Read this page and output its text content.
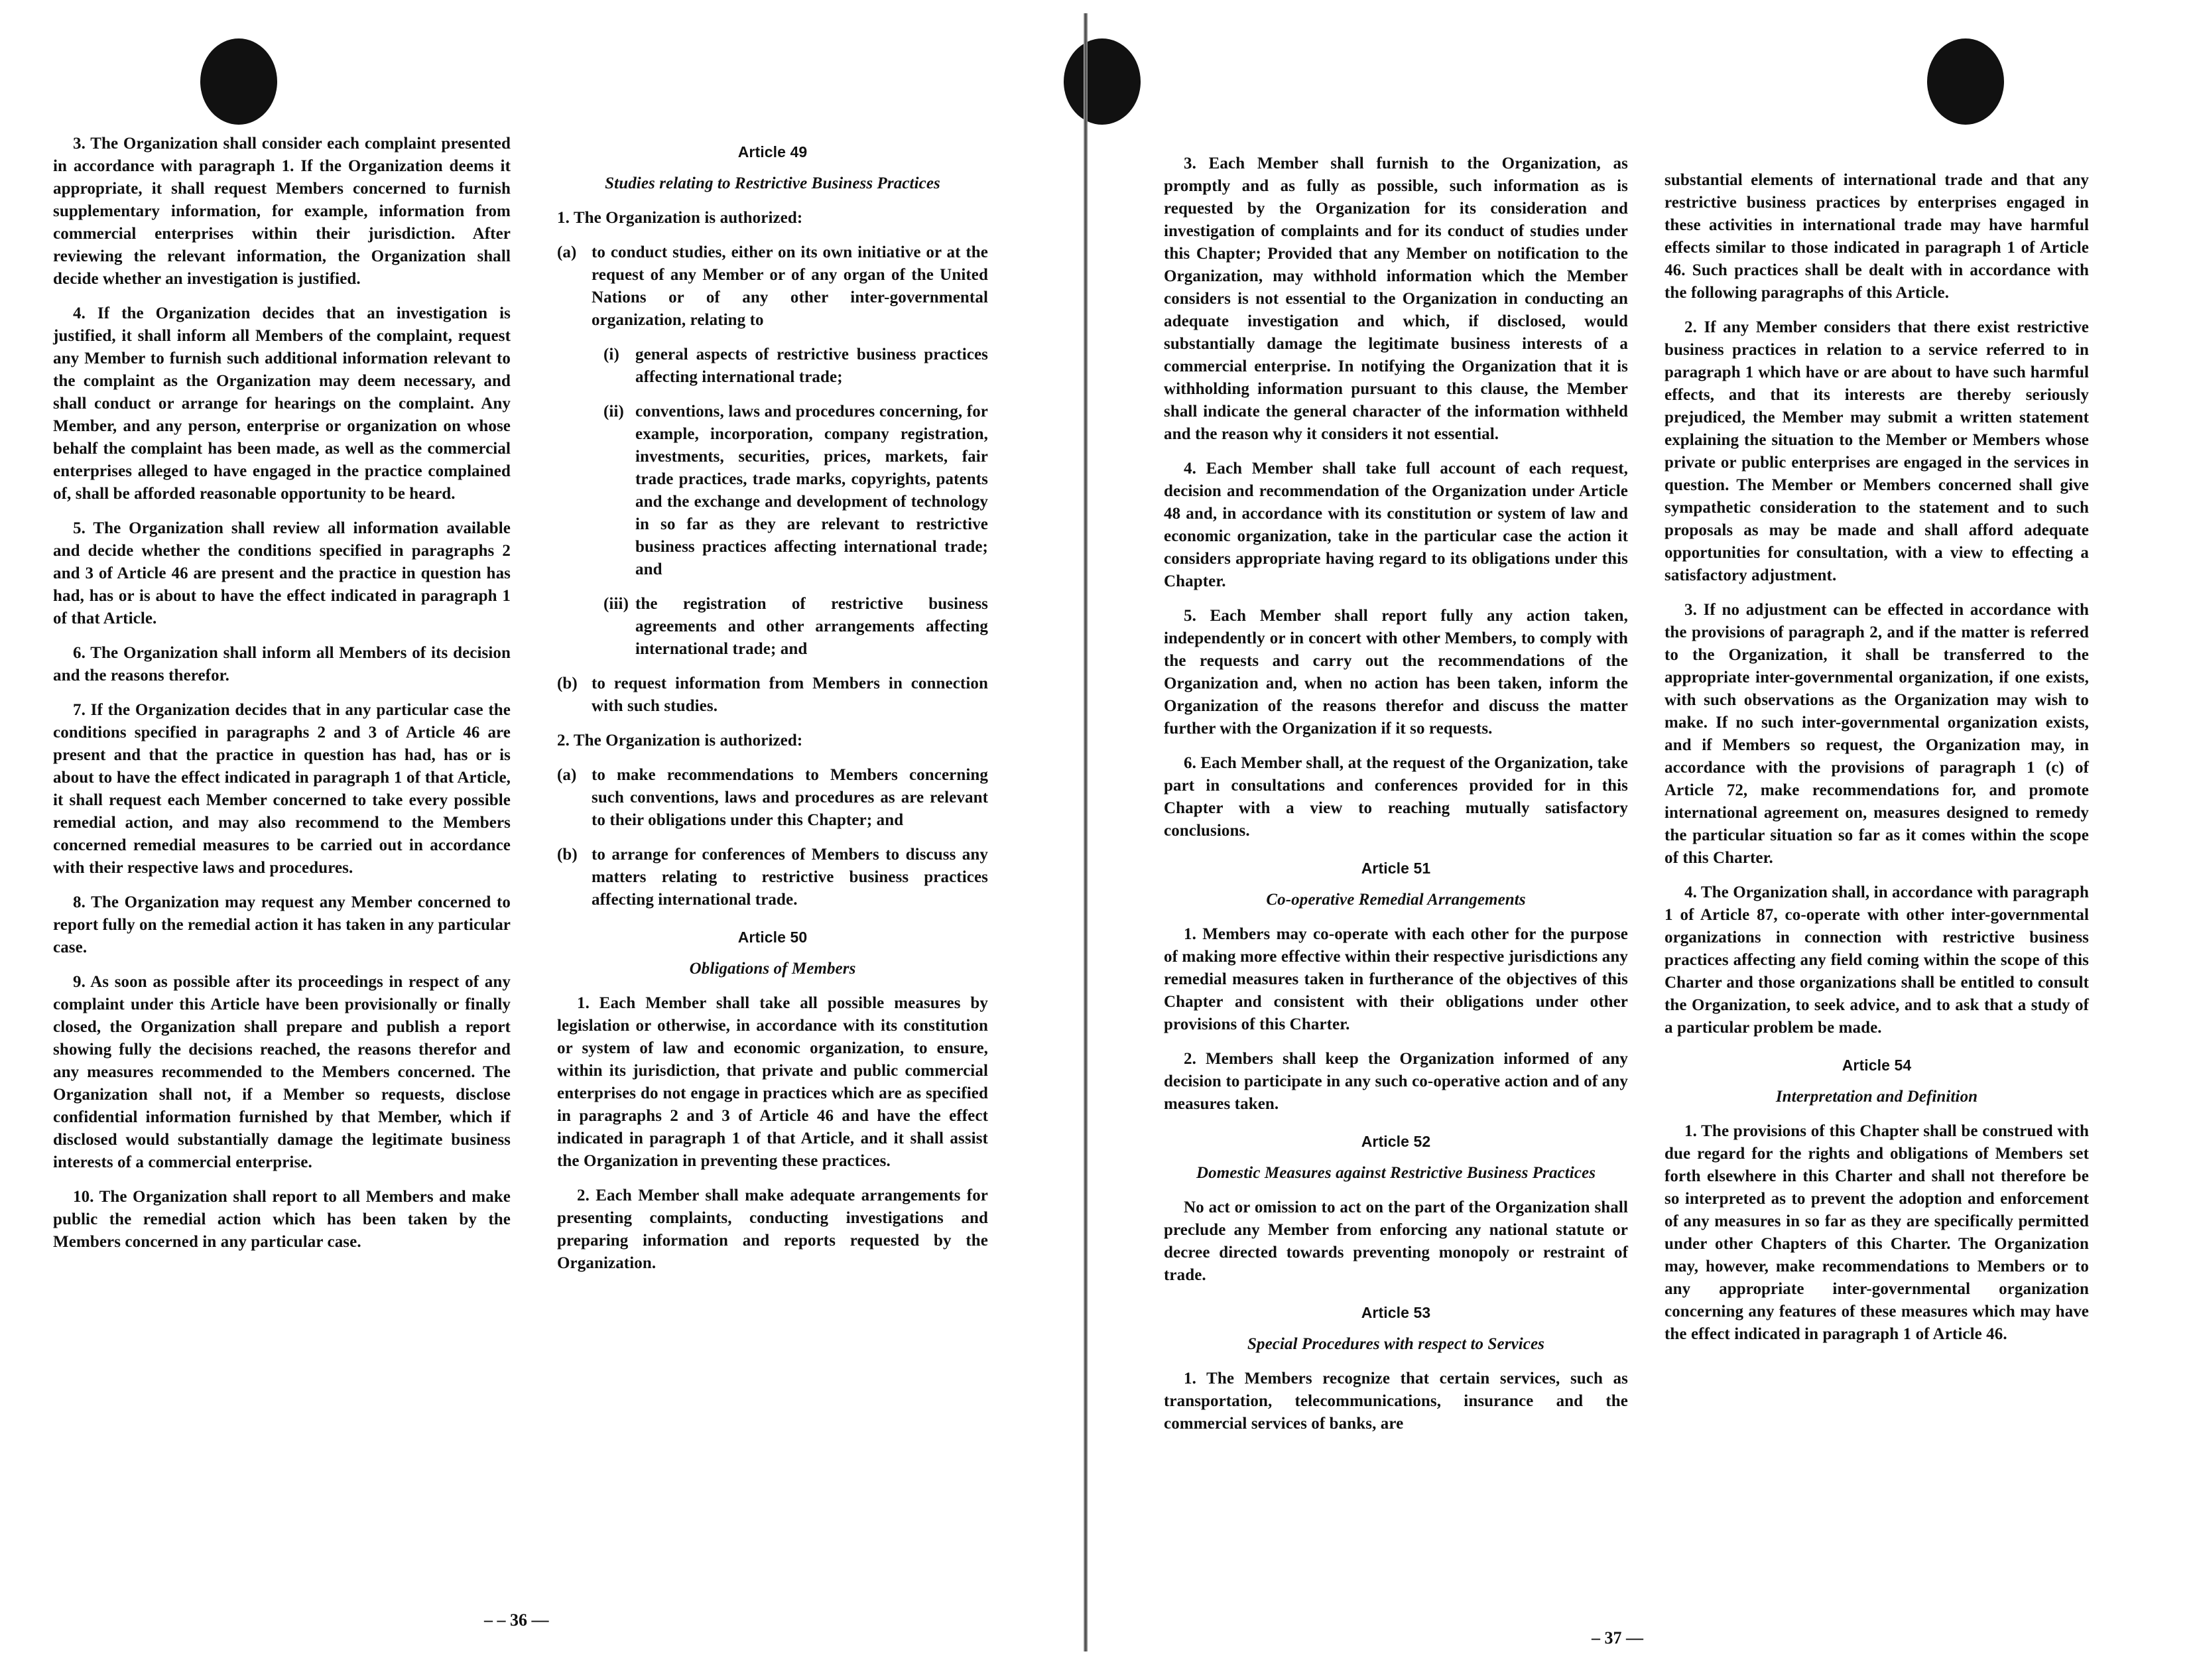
3. The Organization shall consider each complaint presented in accordance with paragraph 1. If the Organization deems it appropriate, it shall request Members concerned to furnish supplementary information, for example, information from commercial enterprises within their jurisdiction. After reviewing the relevant information, the Organization shall decide whether an investigation is justified.

4. If the Organization decides that an investigation is justified, it shall inform all Members of the complaint, request any Member to furnish such additional information relevant to the complaint as the Organization may deem necessary, and shall conduct or arrange for hearings on the complaint. Any Member, and any person, enterprise or organization on whose behalf the complaint has been made, as well as the commercial enterprises alleged to have engaged in the practice complained of, shall be afforded reasonable opportunity to be heard.

5. The Organization shall review all information available and decide whether the conditions specified in paragraphs 2 and 3 of Article 46 are present and the practice in question has had, has or is about to have the effect indicated in paragraph 1 of that Article.

6. The Organization shall inform all Members of its decision and the reasons therefor.

7. If the Organization decides that in any particular case the conditions specified in paragraphs 2 and 3 of Article 46 are present and that the practice in question has had, has or is about to have the effect indicated in paragraph 1 of that Article, it shall request each Member concerned to take every possible remedial action, and may also recommend to the Members concerned remedial measures to be carried out in accordance with their respective laws and procedures.

8. The Organization may request any Member concerned to report fully on the remedial action it has taken in any particular case.

9. As soon as possible after its proceedings in respect of any complaint under this Article have been provisionally or finally closed, the Organization shall prepare and publish a report showing fully the decisions reached, the reasons therefor and any measures recommended to the Members concerned. The Organization shall not, if a Member so requests, disclose confidential information furnished by that Member, which if disclosed would substantially damage the legitimate business interests of a commercial enterprise.

10. The Organization shall report to all Members and make public the remedial action which has been taken by the Members concerned in any particular case.

Article 49
Studies relating to Restrictive Business Practices

1. The Organization is authorized:

(a) to conduct studies, either on its own initiative or at the request of any Member or of any organ of the United Nations or of any other inter-governmental organization, relating to
(i) general aspects of restrictive business practices affecting international trade;
(ii) conventions, laws and procedures concerning, for example, incorporation, company registration, investments, securities, prices, markets, fair trade practices, trade marks, copyrights, patents and the exchange and development of technology in so far as they are relevant to restrictive business practices affecting international trade; and
(iii) the registration of restrictive business agreements and other arrangements affecting international trade; and
(b) to request information from Members in connection with such studies.

2. The Organization is authorized:

(a) to make recommendations to Members concerning such conventions, laws and procedures as are relevant to their obligations under this Chapter; and
(b) to arrange for conferences of Members to discuss any matters relating to restrictive business practices affecting international trade.
Article 50
Obligations of Members

1. Each Member shall take all possible measures by legislation or otherwise, in accordance with its constitution or system of law and economic organization, to ensure, within its jurisdiction, that private and public commercial enterprises do not engage in practices which are as specified in paragraphs 2 and 3 of Article 46 and have the effect indicated in paragraph 1 of that Article, and it shall assist the Organization in preventing these practices.

2. Each Member shall make adequate arrangements for presenting complaints, conducting investigations and preparing information and reports requested by the Organization.

– – 36 —

3. Each Member shall furnish to the Organization, as promptly and as fully as possible, such information as is requested by the Organization for its consideration and investigation of complaints and for its conduct of studies under this Chapter; Provided that any Member on notification to the Organization, may withhold information which the Member considers is not essential to the Organization in conducting an adequate investigation and which, if disclosed, would substantially damage the legitimate business interests of a commercial enterprise. In notifying the Organization that it is withholding information pursuant to this clause, the Member shall indicate the general character of the information withheld and the reason why it considers it not essential.

4. Each Member shall take full account of each request, decision and recommendation of the Organization under Article 48 and, in accordance with its constitution or system of law and economic organization, take in the particular case the action it considers appropriate having regard to its obligations under this Chapter.

5. Each Member shall report fully any action taken, independently or in concert with other Members, to comply with the requests and carry out the recommendations of the Organization and, when no action has been taken, inform the Organization of the reasons therefor and discuss the matter further with the Organization if it so requests.

6. Each Member shall, at the request of the Organization, take part in consultations and conferences provided for in this Chapter with a view to reaching mutually satisfactory conclusions.

Article 51
Co-operative Remedial Arrangements

1. Members may co-operate with each other for the purpose of making more effective within their respective jurisdictions any remedial measures taken in furtherance of the objectives of this Chapter and consistent with their obligations under other provisions of this Charter.

2. Members shall keep the Organization informed of any decision to participate in any such co-operative action and of any measures taken.

Article 52
Domestic Measures against Restrictive Business Practices

No act or omission to act on the part of the Organization shall preclude any Member from enforcing any national statute or decree directed towards preventing monopoly or restraint of trade.

Article 53
Special Procedures with respect to Services

1. The Members recognize that certain services, such as transportation, telecommunications, insurance and the commercial services of banks, are

substantial elements of international trade and that any restrictive business practices by enterprises engaged in these activities in international trade may have harmful effects similar to those indicated in paragraph 1 of Article 46. Such practices shall be dealt with in accordance with the following paragraphs of this Article.

2. If any Member considers that there exist restrictive business practices in relation to a service referred to in paragraph 1 which have or are about to have such harmful effects, and that its interests are thereby seriously prejudiced, the Member may submit a written statement explaining the situation to the Member or Members whose private or public enterprises are engaged in the services in question. The Member or Members concerned shall give sympathetic consideration to the statement and to such proposals as may be made and shall afford adequate opportunities for consultation, with a view to effecting a satisfactory adjustment.

3. If no adjustment can be effected in accordance with the provisions of paragraph 2, and if the matter is referred to the Organization, it shall be transferred to the appropriate inter-governmental organization, if one exists, with such observations as the Organization may wish to make. If no such inter-governmental organization exists, and if Members so request, the Organization may, in accordance with the provisions of paragraph 1 (c) of Article 72, make recommendations for, and promote international agreement on, measures designed to remedy the particular situation so far as it comes within the scope of this Charter.

4. The Organization shall, in accordance with paragraph 1 of Article 87, co-operate with other inter-governmental organizations in connection with restrictive business practices affecting any field coming within the scope of this Charter and those organizations shall be entitled to consult the Organization, to seek advice, and to ask that a study of a particular problem be made.

Article 54
Interpretation and Definition

1. The provisions of this Chapter shall be construed with due regard for the rights and obligations of Members set forth elsewhere in this Charter and shall not therefore be so interpreted as to prevent the adoption and enforcement of any measures in so far as they are specifically permitted under other Chapters of this Charter. The Organization may, however, make recommendations to Members or to any appropriate inter-governmental organization concerning any features of these measures which may have the effect indicated in paragraph 1 of Article 46.

– 37 —
